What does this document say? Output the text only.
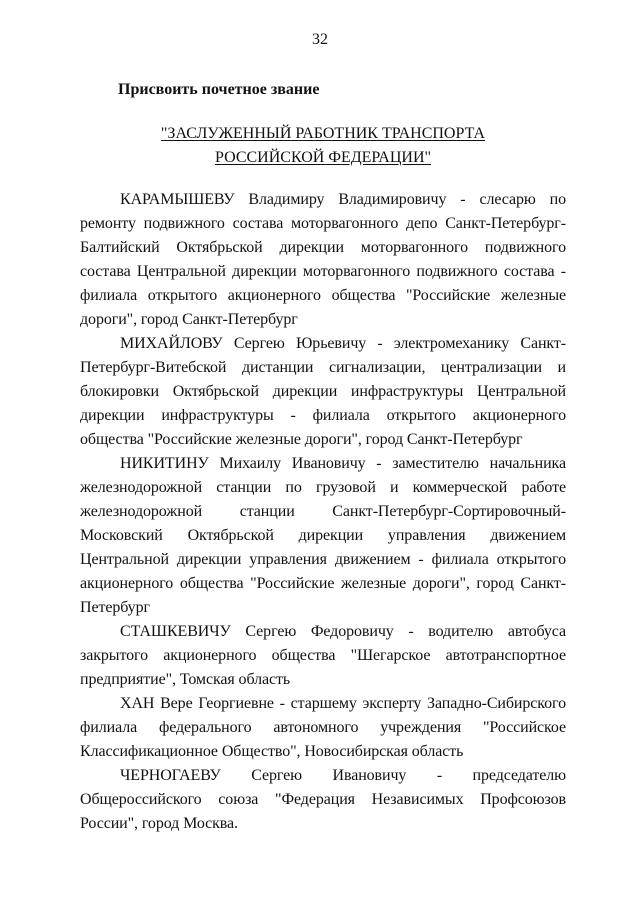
32
Присвоить почетное звание
"ЗАСЛУЖЕННЫЙ РАБОТНИК ТРАНСПОРТА
РОССИЙСКОЙ ФЕДЕРАЦИИ"

КАРАМЫШЕВУ Владимиру Владимировичу - слесарю по ремонту подвижного состава моторвагонного депо Санкт-Петербург-Балтийский Октябрьской дирекции моторвагонного подвижного состава Центральной дирекции моторвагонного подвижного состава - филиала открытого акционерного общества "Российские железные дороги", город Санкт-Петербург

МИХАЙЛОВУ Сергею Юрьевичу - электромеханику Санкт-Петербург-Витебской дистанции сигнализации, централизации и блокировки Октябрьской дирекции инфраструктуры Центральной дирекции инфраструктуры - филиала открытого акционерного общества "Российские железные дороги", город Санкт-Петербург

НИКИТИНУ Михаилу Ивановичу - заместителю начальника железнодорожной станции по грузовой и коммерческой работе железнодорожной станции Санкт-Петербург-Сортировочный-Московский Октябрьской дирекции управления движением Центральной дирекции управления движением - филиала открытого акционерного общества "Российские железные дороги", город Санкт-Петербург

СТАШКЕВИЧУ Сергею Федоровичу - водителю автобуса закрытого акционерного общества "Шегарское автотранспортное предприятие", Томская область

ХАН Вере Георгиевне - старшему эксперту Западно-Сибирского филиала федерального автономного учреждения "Российское Классификационное Общество", Новосибирская область

ЧЕРНОГАЕВУ Сергею Ивановичу - председателю Общероссийского союза "Федерация Независимых Профсоюзов России", город Москва.
